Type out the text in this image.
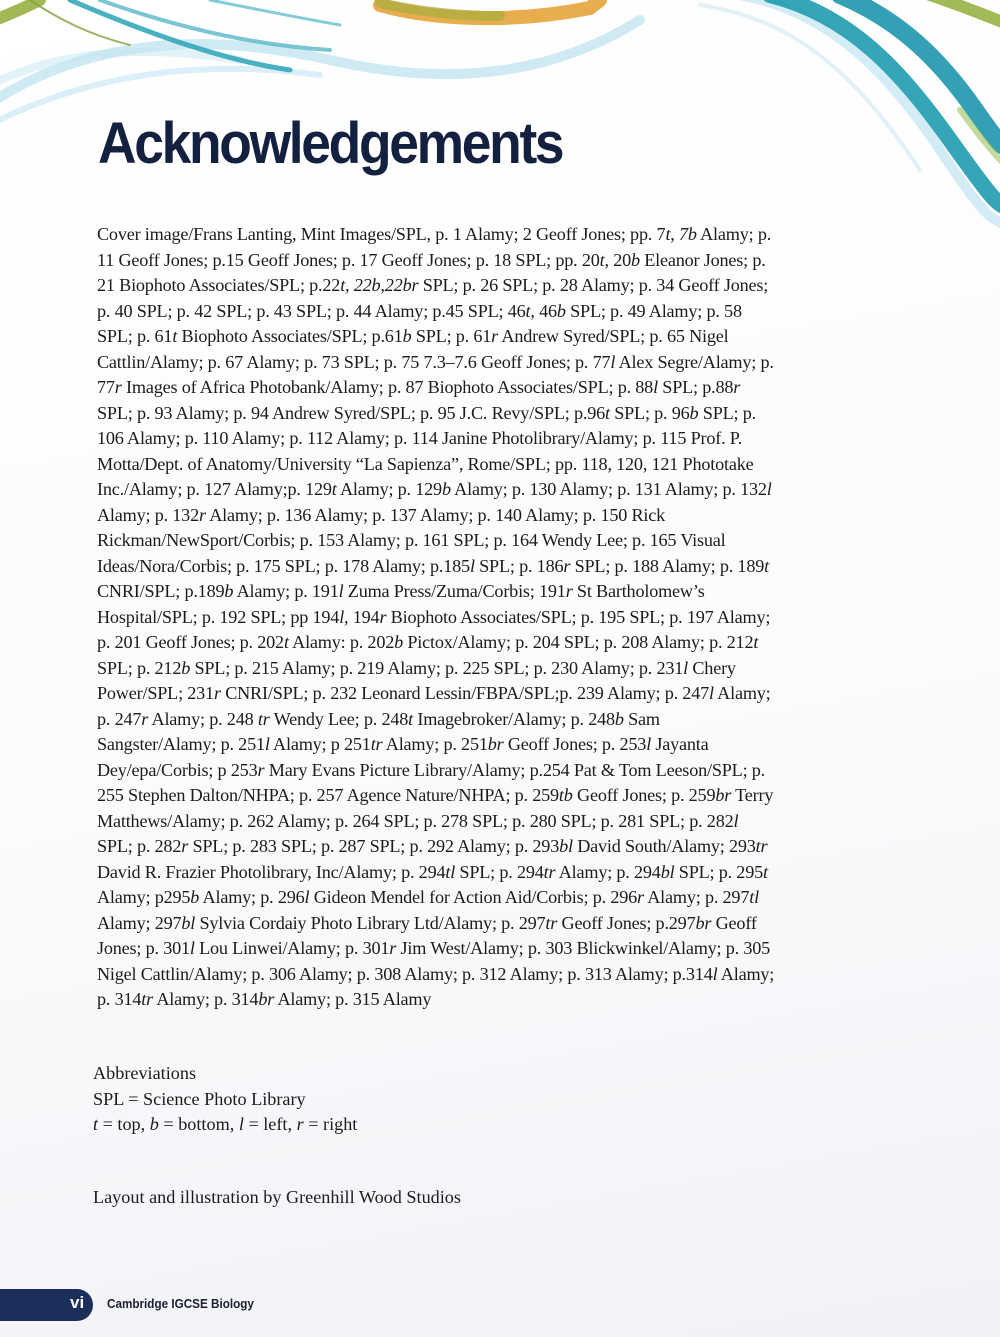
Acknowledgements

Cover image/Frans Lanting, Mint Images/SPL, p. 1 Alamy; 2 Geoff Jones; pp. 7t, 7b Alamy; p. 11 Geoff Jones; p.15 Geoff Jones; p. 17 Geoff Jones; p. 18 SPL; pp. 20t, 20b Eleanor Jones; p. 21 Biophoto Associates/SPL; p.22t, 22b,22br SPL; p. 26 SPL; p. 28 Alamy; p. 34 Geoff Jones; p. 40 SPL; p. 42 SPL; p. 43 SPL; p. 44 Alamy; p.45 SPL; 46t, 46b SPL; p. 49 Alamy; p. 58 SPL; p. 61t Biophoto Associates/SPL; p.61b SPL; p. 61r Andrew Syred/SPL; p. 65 Nigel Cattlin/Alamy; p. 67 Alamy; p. 73 SPL; p. 75 7.3–7.6 Geoff Jones; p. 77l Alex Segre/Alamy; p. 77r Images of Africa Photobank/Alamy; p. 87 Biophoto Associates/SPL; p. 88l SPL; p.88r SPL; p. 93 Alamy; p. 94 Andrew Syred/SPL; p. 95 J.C. Revy/SPL; p.96t SPL; p. 96b SPL; p. 106 Alamy; p. 110 Alamy; p. 112 Alamy; p. 114 Janine Photolibrary/Alamy; p. 115 Prof. P. Motta/Dept. of Anatomy/University “La Sapienza”, Rome/SPL; pp. 118, 120, 121 Phototake Inc./Alamy; p. 127 Alamy;p. 129t Alamy; p. 129b Alamy; p. 130 Alamy; p. 131 Alamy; p. 132l Alamy; p. 132r Alamy; p. 136 Alamy; p. 137 Alamy; p. 140 Alamy; p. 150 Rick Rickman/NewSport/Corbis; p. 153 Alamy; p. 161 SPL; p. 164 Wendy Lee; p. 165 Visual Ideas/Nora/Corbis; p. 175 SPL; p. 178 Alamy; p.185l SPL; p. 186r SPL; p. 188 Alamy; p. 189t CNRI/SPL; p.189b Alamy; p. 191l Zuma Press/Zuma/Corbis; 191r St Bartholomew’s Hospital/SPL; p. 192 SPL; pp 194l, 194r Biophoto Associates/SPL; p. 195 SPL; p. 197 Alamy; p. 201 Geoff Jones; p. 202t Alamy: p. 202b Pictox/Alamy; p. 204 SPL; p. 208 Alamy; p. 212t SPL; p. 212b SPL; p. 215 Alamy; p. 219 Alamy; p. 225 SPL; p. 230 Alamy; p. 231l Chery Power/SPL; 231r CNRI/SPL; p. 232 Leonard Lessin/FBPA/SPL;p. 239 Alamy; p. 247l Alamy; p. 247r Alamy; p. 248 tr Wendy Lee; p. 248t Imagebroker/Alamy; p. 248b Sam Sangster/Alamy; p. 251l Alamy; p 251tr Alamy; p. 251br Geoff Jones; p. 253l Jayanta Dey/epa/Corbis; p 253r Mary Evans Picture Library/Alamy; p.254 Pat & Tom Leeson/SPL; p. 255 Stephen Dalton/NHPA; p. 257 Agence Nature/NHPA; p. 259tb Geoff Jones; p. 259br Terry Matthews/Alamy; p. 262 Alamy; p. 264 SPL; p. 278 SPL; p. 280 SPL; p. 281 SPL; p. 282l SPL; p. 282r SPL; p. 283 SPL; p. 287 SPL; p. 292 Alamy; p. 293bl David South/Alamy; 293tr David R. Frazier Photolibrary, Inc/Alamy; p. 294tl SPL; p. 294tr Alamy; p. 294bl SPL; p. 295t Alamy; p295b Alamy; p. 296l Gideon Mendel for Action Aid/Corbis; p. 296r Alamy; p. 297tl Alamy; 297bl Sylvia Cordaiy Photo Library Ltd/Alamy; p. 297tr Geoff Jones; p.297br Geoff Jones; p. 301l Lou Linwei/Alamy; p. 301r Jim West/Alamy; p. 303 Blickwinkel/Alamy; p. 305 Nigel Cattlin/Alamy; p. 306 Alamy; p. 308 Alamy; p. 312 Alamy; p. 313 Alamy; p.314l Alamy; p. 314tr Alamy; p. 314br Alamy; p. 315 Alamy

Abbreviations
SPL = Science Photo Library
t = top, b = bottom, l = left, r = right
Layout and illustration by Greenhill Wood Studios
vi Cambridge IGCSE Biology
